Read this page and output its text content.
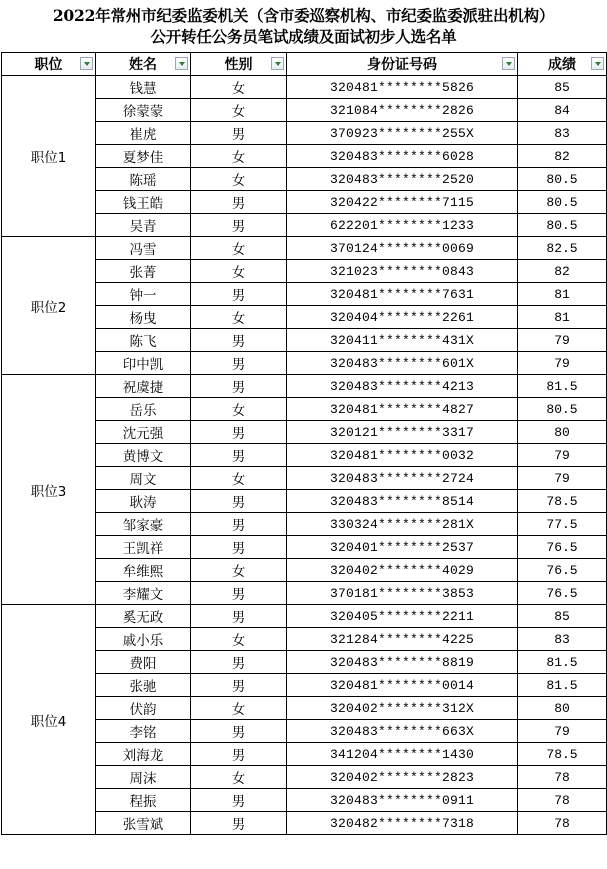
2022年常州市纪委监委机关（含市委巡察机构、市纪委监委派驻出机构）
公开转任公务员笔试成绩及面试初步人选名单
职位	姓名	性别	身份证号码	成绩

职位1	钱慧	女	320481********5826	85
	徐蒙蒙	女	321084********2826	84
	崔虎	男	370923********255X	83
	夏梦佳	女	320483********6028	82
	陈瑶	女	320483********2520	80.5
	钱王皓	男	320422********7115	80.5
	吴青	男	622201********1233	80.5
职位2	冯雪	女	370124********0069	82.5
	张菁	女	321023********0843	82
	钟一	男	320481********7631	81
	杨曳	女	320404********2261	81
	陈飞	男	320411********431X	79
	印中凯	男	320483********601X	79
职位3	祝虞捷	男	320483********4213	81.5
	岳乐	女	320481********4827	80.5
	沈元强	男	320121********3317	80
	黄博文	男	320481********0032	79
	周文	女	320483********2724	79
	耿涛	男	320483********8514	78.5
	邹家豪	男	330324********281X	77.5
	王凯祥	男	320401********2537	76.5
	牟维熙	女	320402********4029	76.5
	李耀文	男	370181********3853	76.5
职位4	奚无政	男	320405********2211	85
	戚小乐	女	321284********4225	83
	费阳	男	320483********8819	81.5
	张驰	男	320481********0014	81.5
	伏韵	女	320402********312X	80
	李铭	男	320483********663X	79
	刘海龙	男	341204********1430	78.5
	周沫	女	320402********2823	78
	程振	男	320483********0911	78
	张雪斌	男	320482********7318	78
